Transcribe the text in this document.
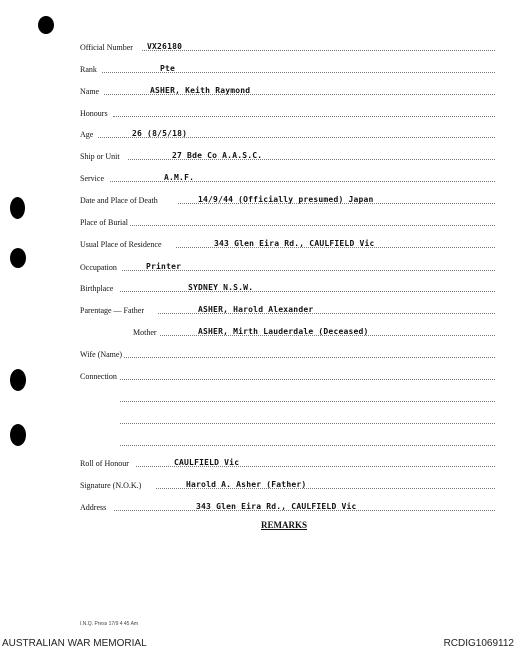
Official Number VX26180
Rank	Pte
Name	ASHER, Keith Raymond
Honours
Age	26 (8/5/18)
Ship or Unit	27 Bde Co A.A.S.C.
Service	A.M.F.
Date and Place of Death	14/9/44 (Officially presumed) Japan
Place of Burial
Usual Place of Residence	343 Glen Eira Rd., CAULFIELD Vic
Occupation	Printer
Birthplace	SYDNEY N.S.W.
Parentage — Father	ASHER, Harold Alexander
Mother	ASHER, Mirth Lauderdale (Deceased)
Wife (Name)
Connection
Roll of Honour	CAULFIELD Vic
Signature (N.O.K.)	Harold A. Asher (Father)
Address	343 Glen Eira Rd., CAULFIELD Vic
REMARKS
I.N.Q. Press 17/9 4 45 Am
AUSTRALIAN WAR MEMORIAL	RCDIG1069112
